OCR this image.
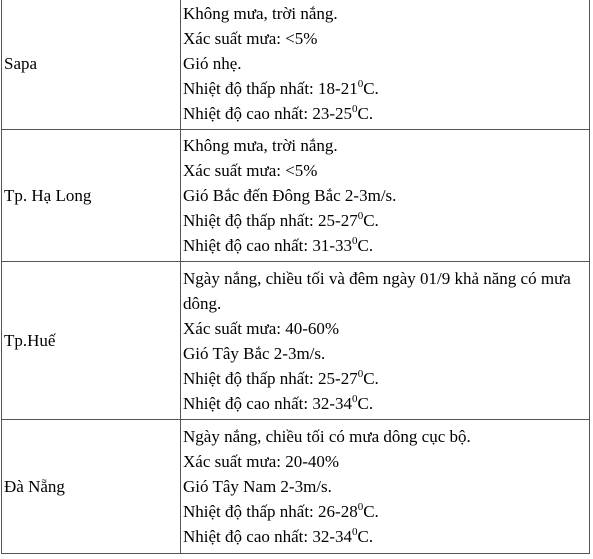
Sapa	Không mưa, trời nắng.
Xác suất mưa: <5%
Gió nhẹ.
Nhiệt độ thấp nhất: $18-21^0C$.
Nhiệt độ cao nhất: $23-25^0C$.

Tp. Hạ Long	Không mưa, trời nắng.
Xác suất mưa: <5%
Gió Bắc đến Đông Bắc 2-3m/s.
Nhiệt độ thấp nhất: $25-27^0C$.
Nhiệt độ cao nhất: $31-33^0C$.

Tp.Huế	Ngày nắng, chiều tối và đêm ngày 01/9 khả năng có mưa dông.
Xác suất mưa: 40-60%
Gió Tây Bắc 2-3m/s.
Nhiệt độ thấp nhất: $25-27^0C$.
Nhiệt độ cao nhất: $32-34^0C$.

Đà Nẵng	Ngày nắng, chiều tối có mưa dông cục bộ.
Xác suất mưa: 20-40%
Gió Tây Nam 2-3m/s.
Nhiệt độ thấp nhất: $26-28^0C$.
Nhiệt độ cao nhất: $32-34^0C$.
